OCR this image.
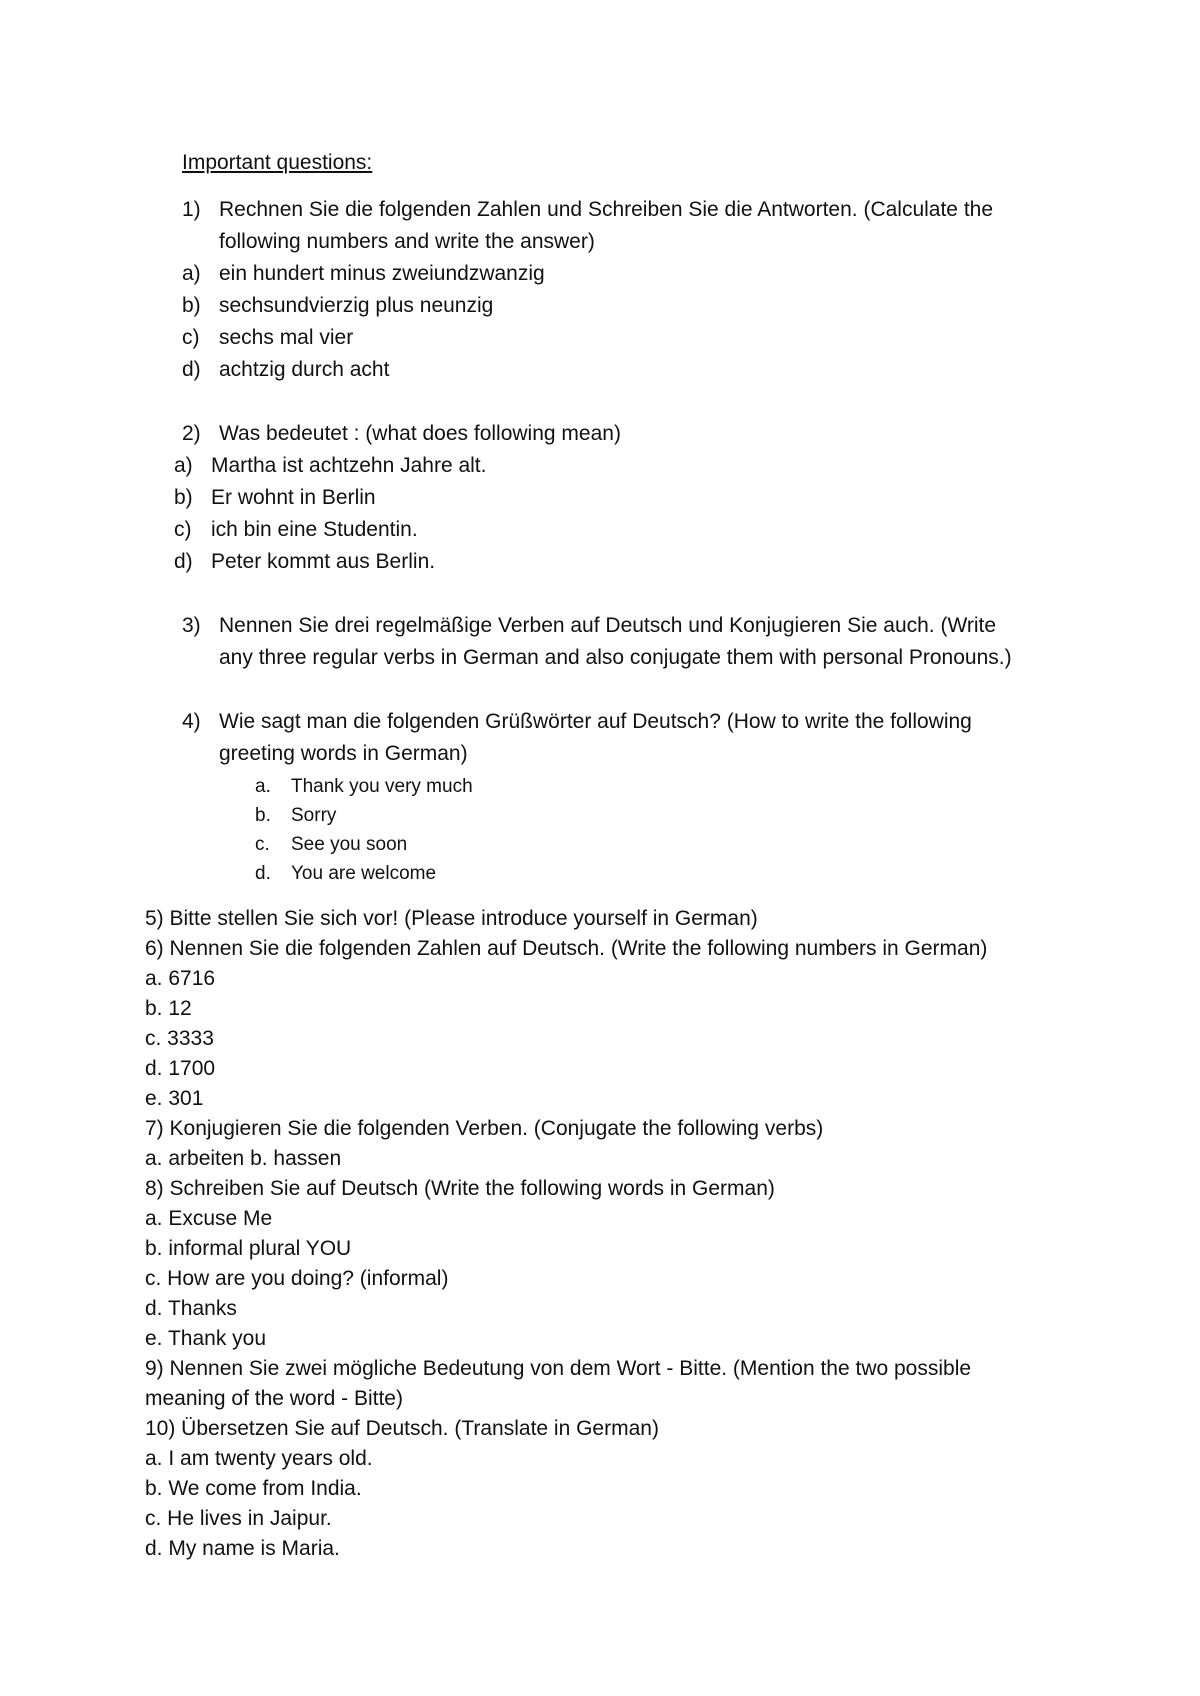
Important questions:
1) Rechnen Sie die folgenden Zahlen und Schreiben Sie die Antworten. (Calculate the
following numbers and write the answer)
a) ein hundert minus zweiundzwanzig
b) sechsundvierzig plus neunzig
c) sechs mal vier
d) achtzig durch acht
2) Was bedeutet : (what does following mean)
a) Martha ist achtzehn Jahre alt.
b) Er wohnt in Berlin
c) ich bin eine Studentin.
d) Peter kommt aus Berlin.
3) Nennen Sie drei regelmäßige Verben auf Deutsch und Konjugieren Sie auch. (Write
any three regular verbs in German and also conjugate them with personal Pronouns.)
4) Wie sagt man die folgenden Grüßwörter auf Deutsch? (How to write the following
greeting words in German)
a. Thank you very much
b. Sorry
c. See you soon
d. You are welcome
5) Bitte stellen Sie sich vor! (Please introduce yourself in German)
6) Nennen Sie die folgenden Zahlen auf Deutsch. (Write the following numbers in German)
a. 6716
b. 12
c. 3333
d. 1700
e. 301
7) Konjugieren Sie die folgenden Verben. (Conjugate the following verbs)
a. arbeiten b. hassen
8) Schreiben Sie auf Deutsch (Write the following words in German)
a. Excuse Me
b. informal plural YOU
c. How are you doing? (informal)
d. Thanks
e. Thank you
9) Nennen Sie zwei mögliche Bedeutung von dem Wort - Bitte. (Mention the two possible
meaning of the word - Bitte)
10) Übersetzen Sie auf Deutsch. (Translate in German)
a. I am twenty years old.
b. We come from India.
c. He lives in Jaipur.
d. My name is Maria.
